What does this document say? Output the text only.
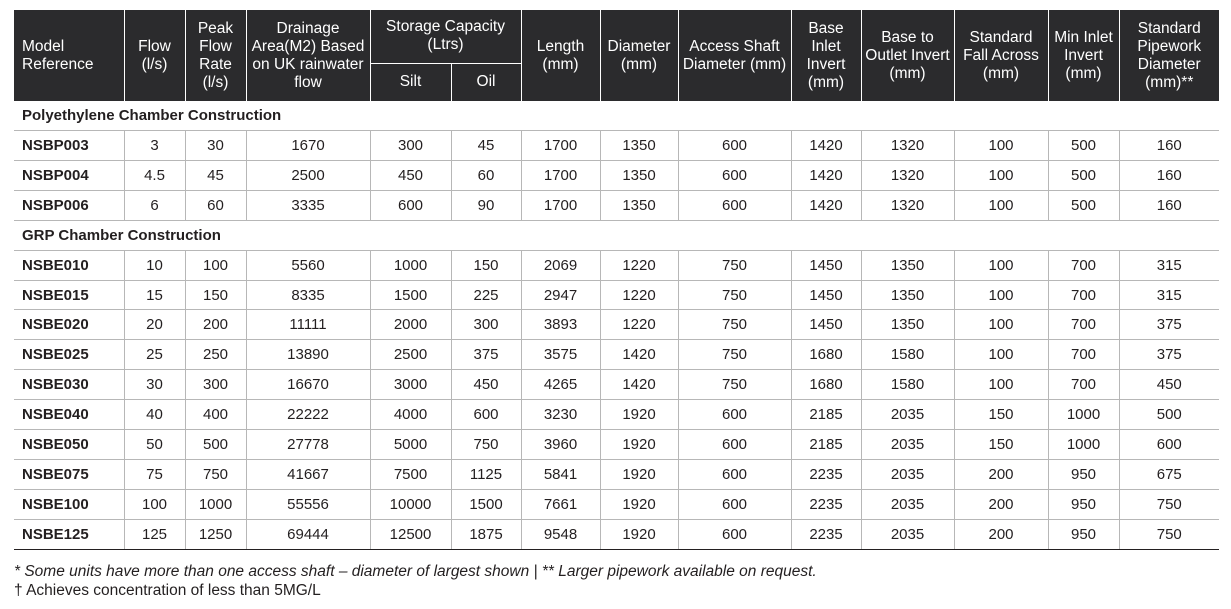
Model Reference	Flow (l/s)	Peak Flow Rate (l/s)	Drainage Area(M2) Based on UK rainwater flow	Storage Capacity (Ltrs)		Length (mm)	Diameter (mm)	Access Shaft Diameter (mm)	Base Inlet Invert (mm)	Base to Outlet Invert (mm)	Standard Fall Across (mm)	Min Inlet Invert (mm)	Standard Pipework Diameter (mm)**
				Silt	Oil								
Polyethylene Chamber Construction													
NSBP003	3	30	1670	300	45	1700	1350	600	1420	1320	100	500	160
NSBP004	4.5	45	2500	450	60	1700	1350	600	1420	1320	100	500	160
NSBP006	6	60	3335	600	90	1700	1350	600	1420	1320	100	500	160
GRP Chamber Construction													
NSBE010	10	100	5560	1000	150	2069	1220	750	1450	1350	100	700	315
NSBE015	15	150	8335	1500	225	2947	1220	750	1450	1350	100	700	315
NSBE020	20	200	11111	2000	300	3893	1220	750	1450	1350	100	700	375
NSBE025	25	250	13890	2500	375	3575	1420	750	1680	1580	100	700	375
NSBE030	30	300	16670	3000	450	4265	1420	750	1680	1580	100	700	450
NSBE040	40	400	22222	4000	600	3230	1920	600	2185	2035	150	1000	500
NSBE050	50	500	27778	5000	750	3960	1920	600	2185	2035	150	1000	600
NSBE075	75	750	41667	7500	1125	5841	1920	600	2235	2035	200	950	675
NSBE100	100	1000	55556	10000	1500	7661	1920	600	2235	2035	200	950	750
NSBE125	125	1250	69444	12500	1875	9548	1920	600	2235	2035	200	950	750
* Some units have more than one access shaft – diameter of largest shown | ** Larger pipework available on request.
† Achieves concentration of less than 5MG/L
